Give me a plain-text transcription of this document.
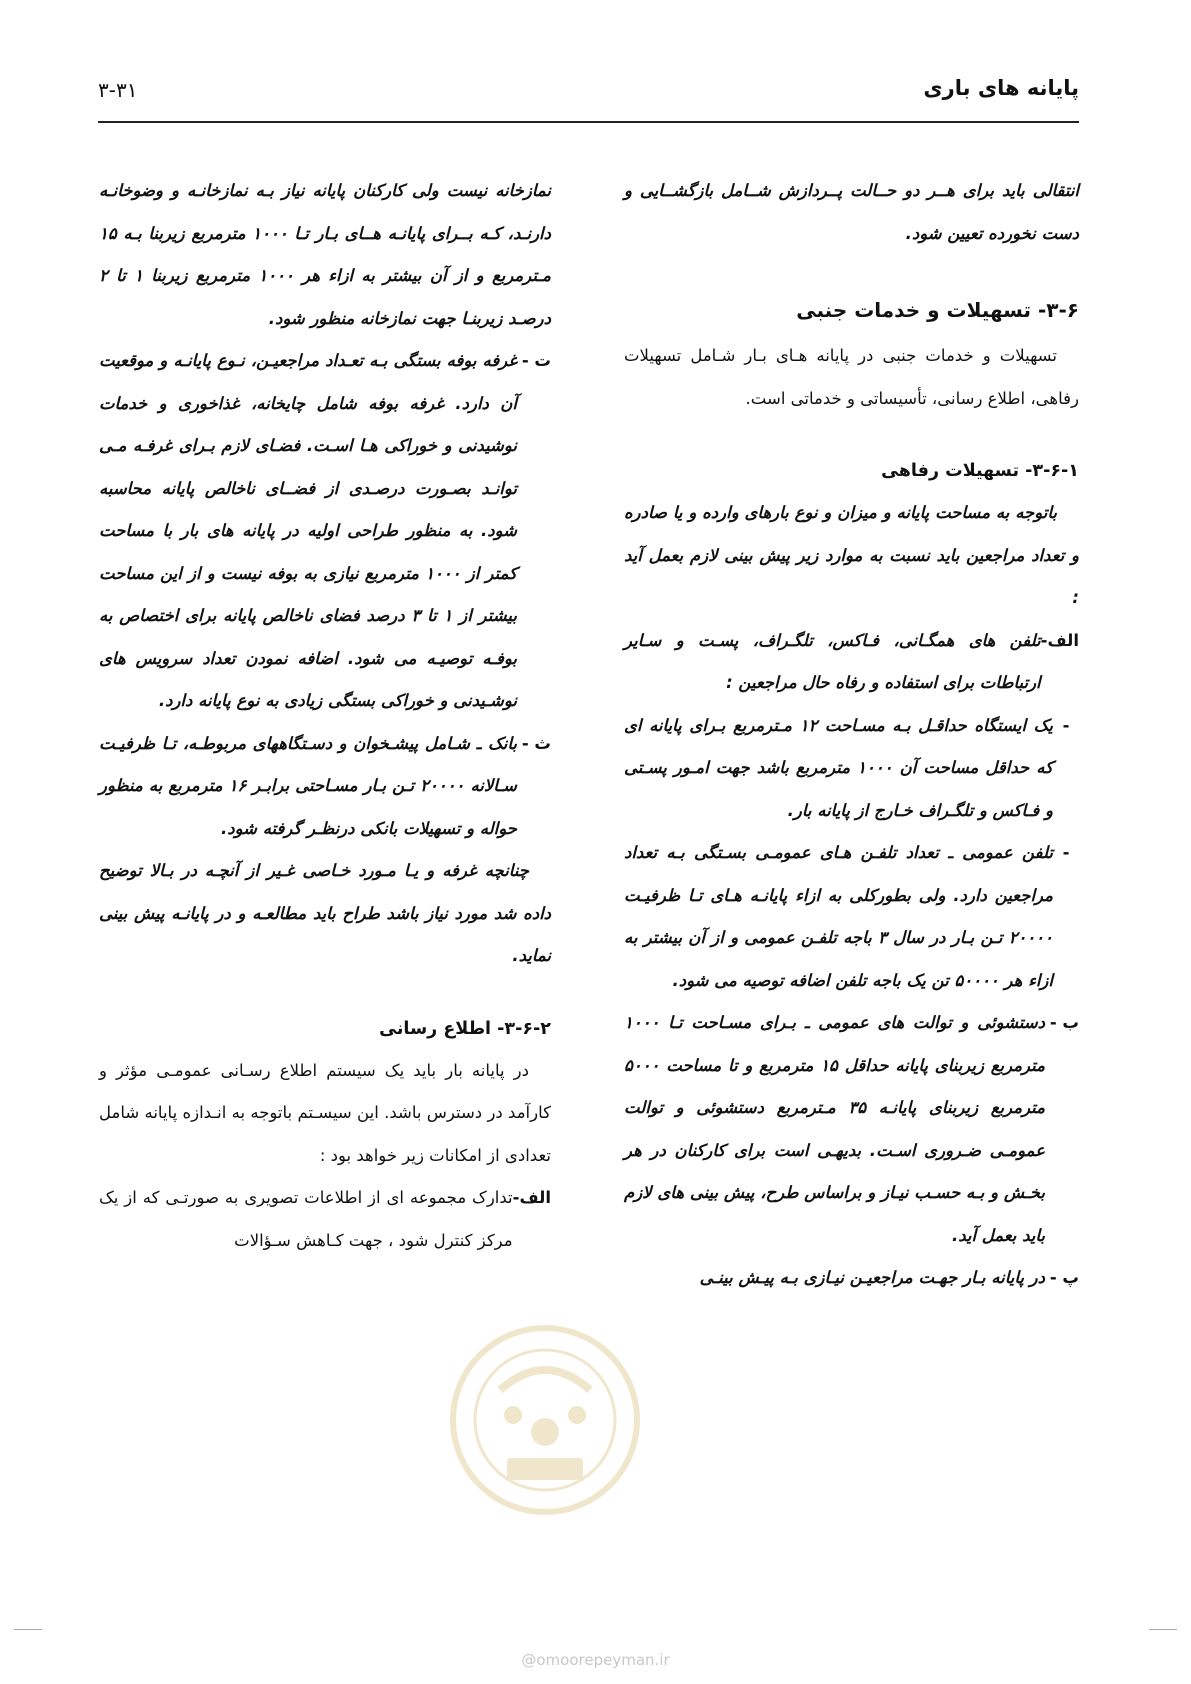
پایانه های باری
۳-۳۱

انتقالی باید برای هــر دو حــالت پــردازش شــامل بازگشــایی و دست نخورده تعیین شود.

۳-۶- تسهیلات و خدمات جنبی

تسهیلات و خدمات جنبی در پایانه هـای بـار شـامل تسهیلات رفاهی، اطلاع رسانی، تأسیساتی و خدماتی است.

۳-۶-۱- تسهیلات رفاهی

باتوجه به مساحت پایانه و میزان و نوع بارهای وارده و یا صادره و تعداد مراجعین باید نسبت به موارد زیر پیش بینی لازم بعمل آید :

الف-
تلفن های همگـانی، فـاکس، تلگـراف، پسـت و سـایر ارتباطات برای استفاده و رفاه حال مراجعین :
-
یک ایستگاه حداقـل بـه مسـاحت ۱۲ مـترمربع بـرای پایانه ای که حداقل مساحت آن ۱۰۰۰ مترمربع باشد جهت امـور پسـتی و فـاکس و تلگـراف خـارج از پایانه بار.
-
تلفن عمومی ـ تعداد تلفـن هـای عمومـی بسـتگی بـه تعداد مراجعین دارد. ولی بطورکلی به ازاء پایانـه هـای تـا ظرفیـت ۲۰۰۰۰ تـن بـار در سال ۳ باجه تلفـن عمومی و از آن بیشتر به ازاء هر ۵۰۰۰۰ تن یک باجه تلفن اضافه توصیه می شود.
ب -
دستشوئی و توالت های عمومی ـ بـرای مسـاحت تـا ۱۰۰۰ مترمربع زیربنای پایانه حداقل ۱۵ مترمربع و تا مساحت ۵۰۰۰ مترمربع زیربنای پایانـه ۳۵ مـترمربع دستشوئی و توالت عمومـی ضـروری اسـت. بدیهـی است برای کارکنان در هر بخـش و بـه حسـب نیـاز و براساس طرح، پیش بینی های لازم باید بعمل آید.
پ -
در پایانه بـار جهـت مراجعیـن نیـازی بـه پیـش بینـی

نمازخانه نیست ولی کارکنان پایانه نیاز بـه نمازخانـه و وضوخانـه دارنـد، کـه بــرای پایانـه هــای بـار تـا ۱۰۰۰ مترمربع زیربنا بـه ۱۵ مـترمربع و از آن بیشتر به ازاء هر ۱۰۰۰ مترمربع زیربنا ۱ تا ۲ درصـد زیربنـا جهت نمازخانه منظور شود.

ت -
غرفه بوفه بستگی بـه تعـداد مراجعیـن، نـوع پایانـه و موقعیت آن دارد. غرفه بوفه شامل چایخانه، غذاخوری و خدمات نوشیدنی و خوراکی هـا اسـت. فضـای لازم بـرای غرفـه مـی توانـد بصـورت درصـدی از فضــای ناخالص پایانه محاسبه شود. به منظور طراحی اولیه در پایانه های بار با مساحت کمتر از ۱۰۰۰ مترمربع نیازی به بوفه نیست و از این مساحت بیشتر از ۱ تا ۳ درصد فضای ناخالص پایانه برای اختصاص به بوفـه توصیـه می شود. اضافه نمودن تعداد سرویس های نوشـیدنی و خوراکی بستگی زیادی به نوع پایانه دارد.
ث -
بانک ـ شـامل پیشـخوان و دسـتگاههای مربوطـه، تـا ظرفیـت سـالانه ۲۰۰۰۰ تـن بـار مسـاحتی برابـر ۱۶ مترمربع به منظور حواله و تسهیلات بانکی درنظـر گرفته شود.

چنانچه غرفه و یـا مـورد خـاصی غـیر از آنچـه در بـالا توضیح داده شد مورد نیاز باشد طراح باید مطالعـه و در پایانـه پیش بینی نماید.

۳-۶-۲- اطلاع رسانی

در پایانه بار باید یک سیستم اطلاع رسـانی عمومـی مؤثر و کارآمد در دسترس باشد. این سیسـتم باتوجه به انـدازه پایانه شامل تعدادی از امکانات زیر خواهد بود :

الف-
تدارک مجموعه ای از اطلاعات تصویری به صورتـی که از یک مرکز کنترل شود ، جهت کـاهش سـؤالات
@omoorepeyman.ir
